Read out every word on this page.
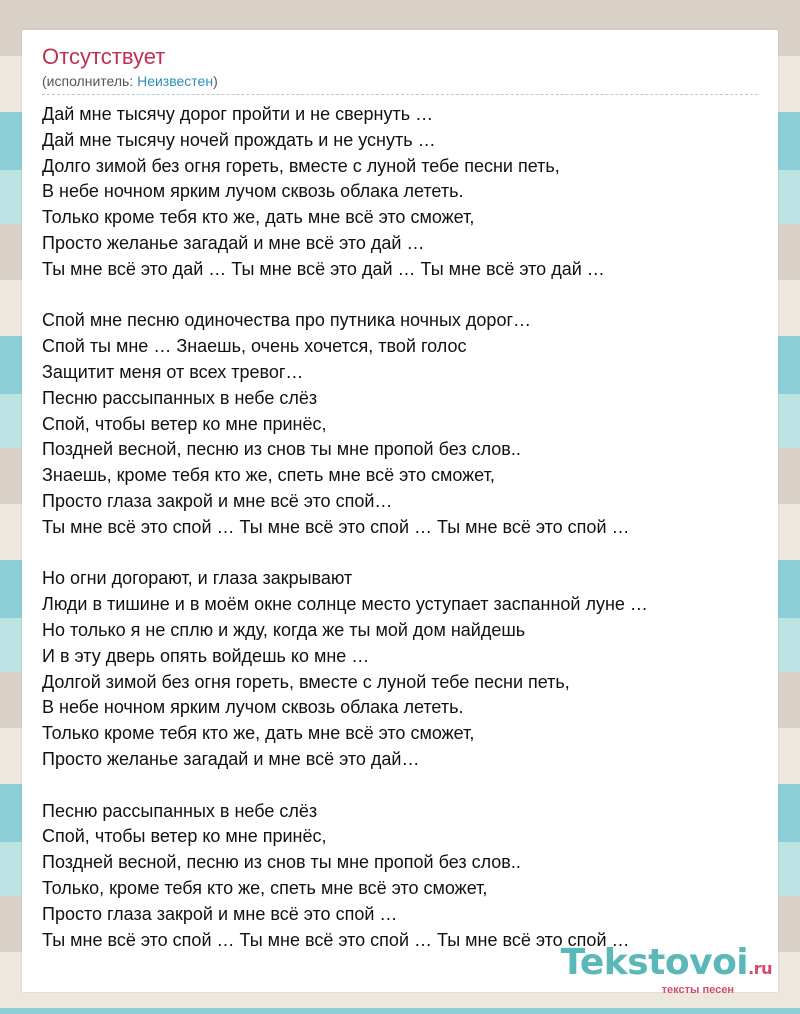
Отсутствует
(исполнитель: Неизвестен)
Дай мне тысячу дорог пройти и не свернуть …
Дай мне тысячу ночей прождать и не уснуть …
Долго зимой без огня гореть, вместе с луной тебе песни петь,
В небе ночном ярким лучом сквозь облака лететь.
Только кроме тебя кто же, дать мне всё это сможет,
Просто желанье загадай и мне всё это дай …
Ты мне всё это дай … Ты мне всё это дай … Ты мне всё это дай …
Спой мне песню одиночества про путника ночных дорог…
Спой ты мне … Знаешь, очень хочется, твой голос
Защитит меня от всех тревог…
Песню рассыпанных в небе слёз
Спой, чтобы ветер ко мне принёс,
Поздней весной, песню из снов ты мне пропой без слов..
Знаешь, кроме тебя кто же, спеть мне всё это сможет,
Просто глаза закрой и мне всё это спой…
Ты мне всё это спой … Ты мне всё это спой … Ты мне всё это спой …
Но огни догорают, и глаза закрывают
Люди в тишине и в моём окне солнце место уступает заспанной луне …
Но только я не сплю и жду, когда же ты мой дом найдешь
И в эту дверь опять войдешь ко мне …
Долгой зимой без огня гореть, вместе с луной тебе песни петь,
В небе ночном ярким лучом сквозь облака лететь.
Только кроме тебя кто же, дать мне всё это сможет,
Просто желанье загадай и мне всё это дай…
Песню рассыпанных в небе слёз
Спой, чтобы ветер ко мне принёс,
Поздней весной, песню из снов ты мне пропой без слов..
Только, кроме тебя кто же, спеть мне всё это сможет,
Просто глаза закрой и мне всё это спой …
Ты мне всё это спой … Ты мне всё это спой … Ты мне всё это спой …
Tekstovoi.ru
тексты песен
